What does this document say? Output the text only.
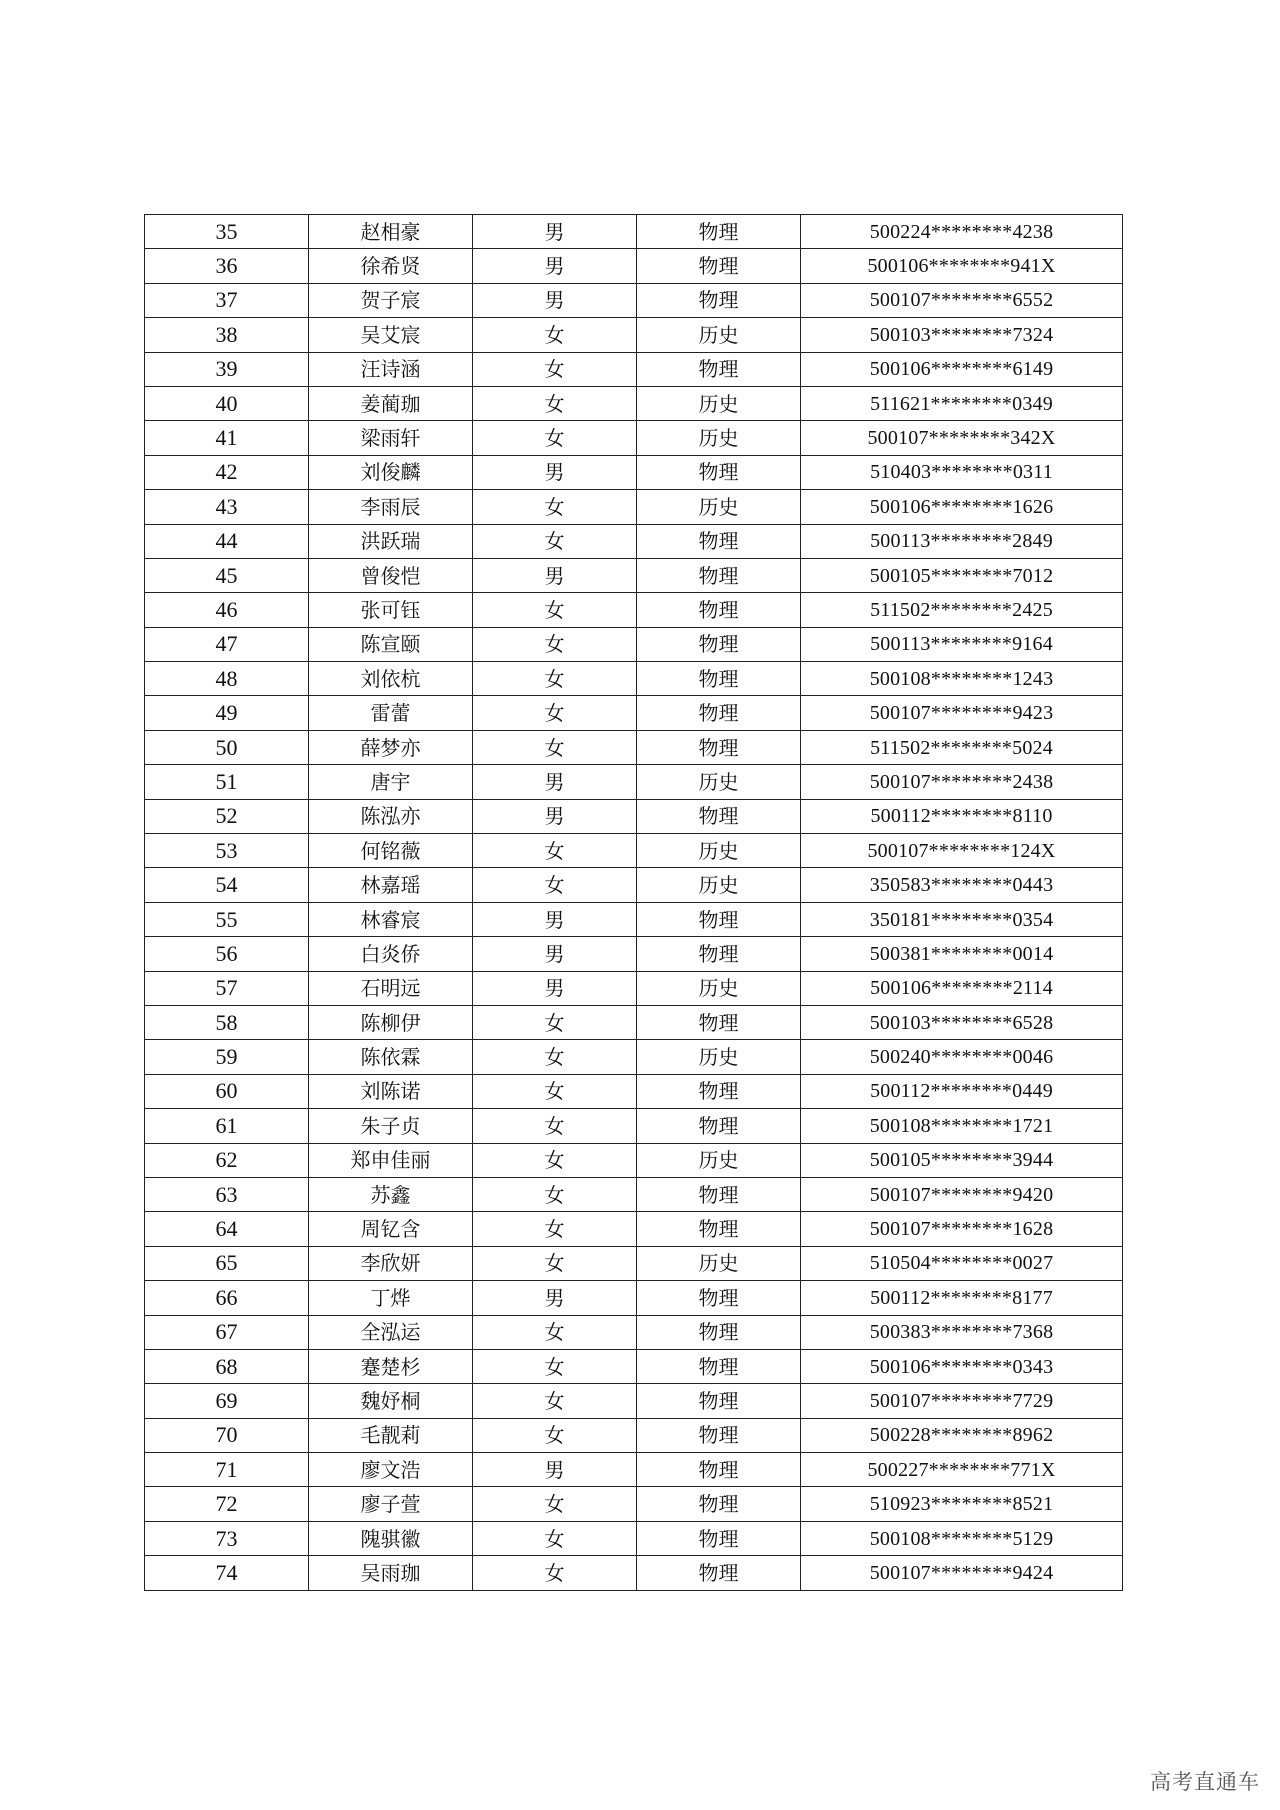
35	赵相豪	男	物理	500224********4238
36	徐希贤	男	物理	500106********941X
37	贺子宸	男	物理	500107********6552
38	吴艾宸	女	历史	500103********7324
39	汪诗涵	女	物理	500106********6149
40	姜蔺珈	女	历史	511621********0349
41	梁雨轩	女	历史	500107********342X
42	刘俊麟	男	物理	510403********0311
43	李雨辰	女	历史	500106********1626
44	洪跃瑞	女	物理	500113********2849
45	曾俊恺	男	物理	500105********7012
46	张可钰	女	物理	511502********2425
47	陈宣颐	女	物理	500113********9164
48	刘依杭	女	物理	500108********1243
49	雷蕾	女	物理	500107********9423
50	薛梦亦	女	物理	511502********5024
51	唐宇	男	历史	500107********2438
52	陈泓亦	男	物理	500112********8110
53	何铭薇	女	历史	500107********124X
54	林嘉瑶	女	历史	350583********0443
55	林睿宸	男	物理	350181********0354
56	白炎侨	男	物理	500381********0014
57	石明远	男	历史	500106********2114
58	陈柳伊	女	物理	500103********6528
59	陈依霖	女	历史	500240********0046
60	刘陈诺	女	物理	500112********0449
61	朱子贞	女	物理	500108********1721
62	郑申佳丽	女	历史	500105********3944
63	苏鑫	女	物理	500107********9420
64	周钇含	女	物理	500107********1628
65	李欣妍	女	历史	510504********0027
66	丁烨	男	物理	500112********8177
67	全泓运	女	物理	500383********7368
68	蹇楚杉	女	物理	500106********0343
69	魏妤桐	女	物理	500107********7729
70	毛靓莉	女	物理	500228********8962
71	廖文浩	男	物理	500227********771X
72	廖子萱	女	物理	510923********8521
73	隗骐徽	女	物理	500108********5129
74	吴雨珈	女	物理	500107********9424
高考直通车
